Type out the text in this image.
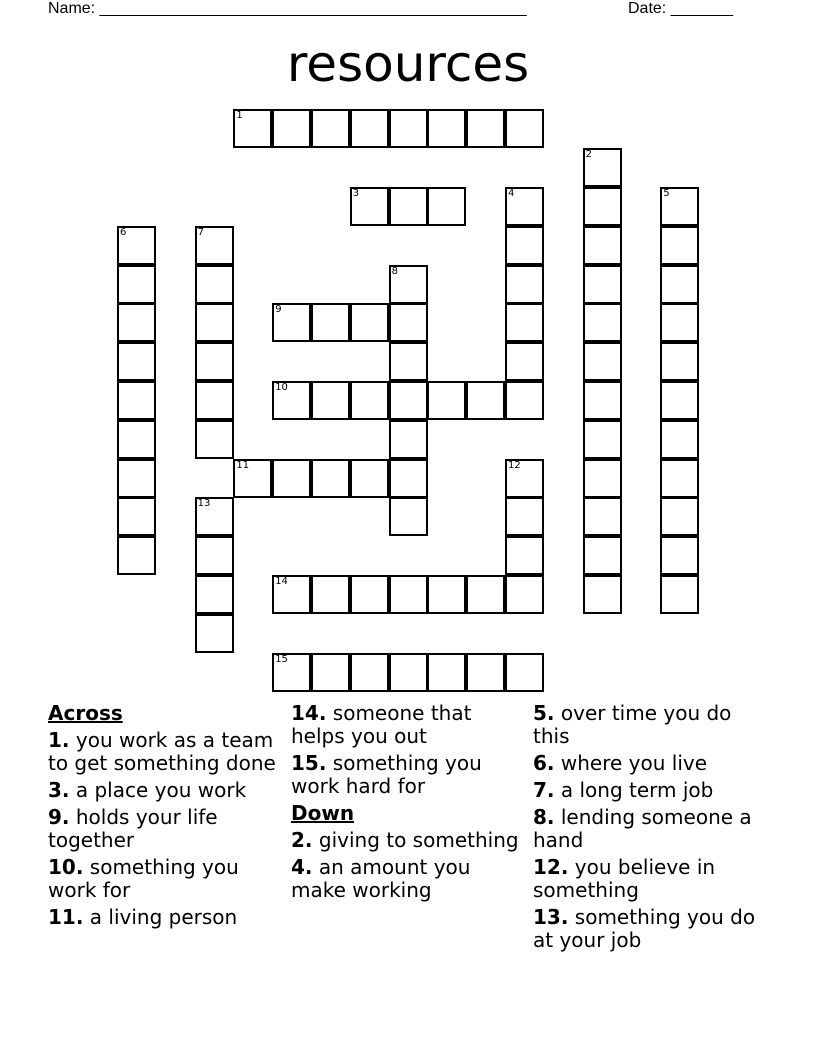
Name: ________________________________________________	Date: _______
resources
1
2
3	4	5
6	7
8
9
10
11	12
13
14
15
Across
1. you work as a team to get something done
3. a place you work
9. holds your life together
10. something you work for
11. a living person
14. someone that helps you out
15. something you work hard for
Down
2. giving to something
4. an amount you make working
5. over time you do this
6. where you live
7. a long term job
8. lending someone a hand
12. you believe in something
13. something you do at your job
